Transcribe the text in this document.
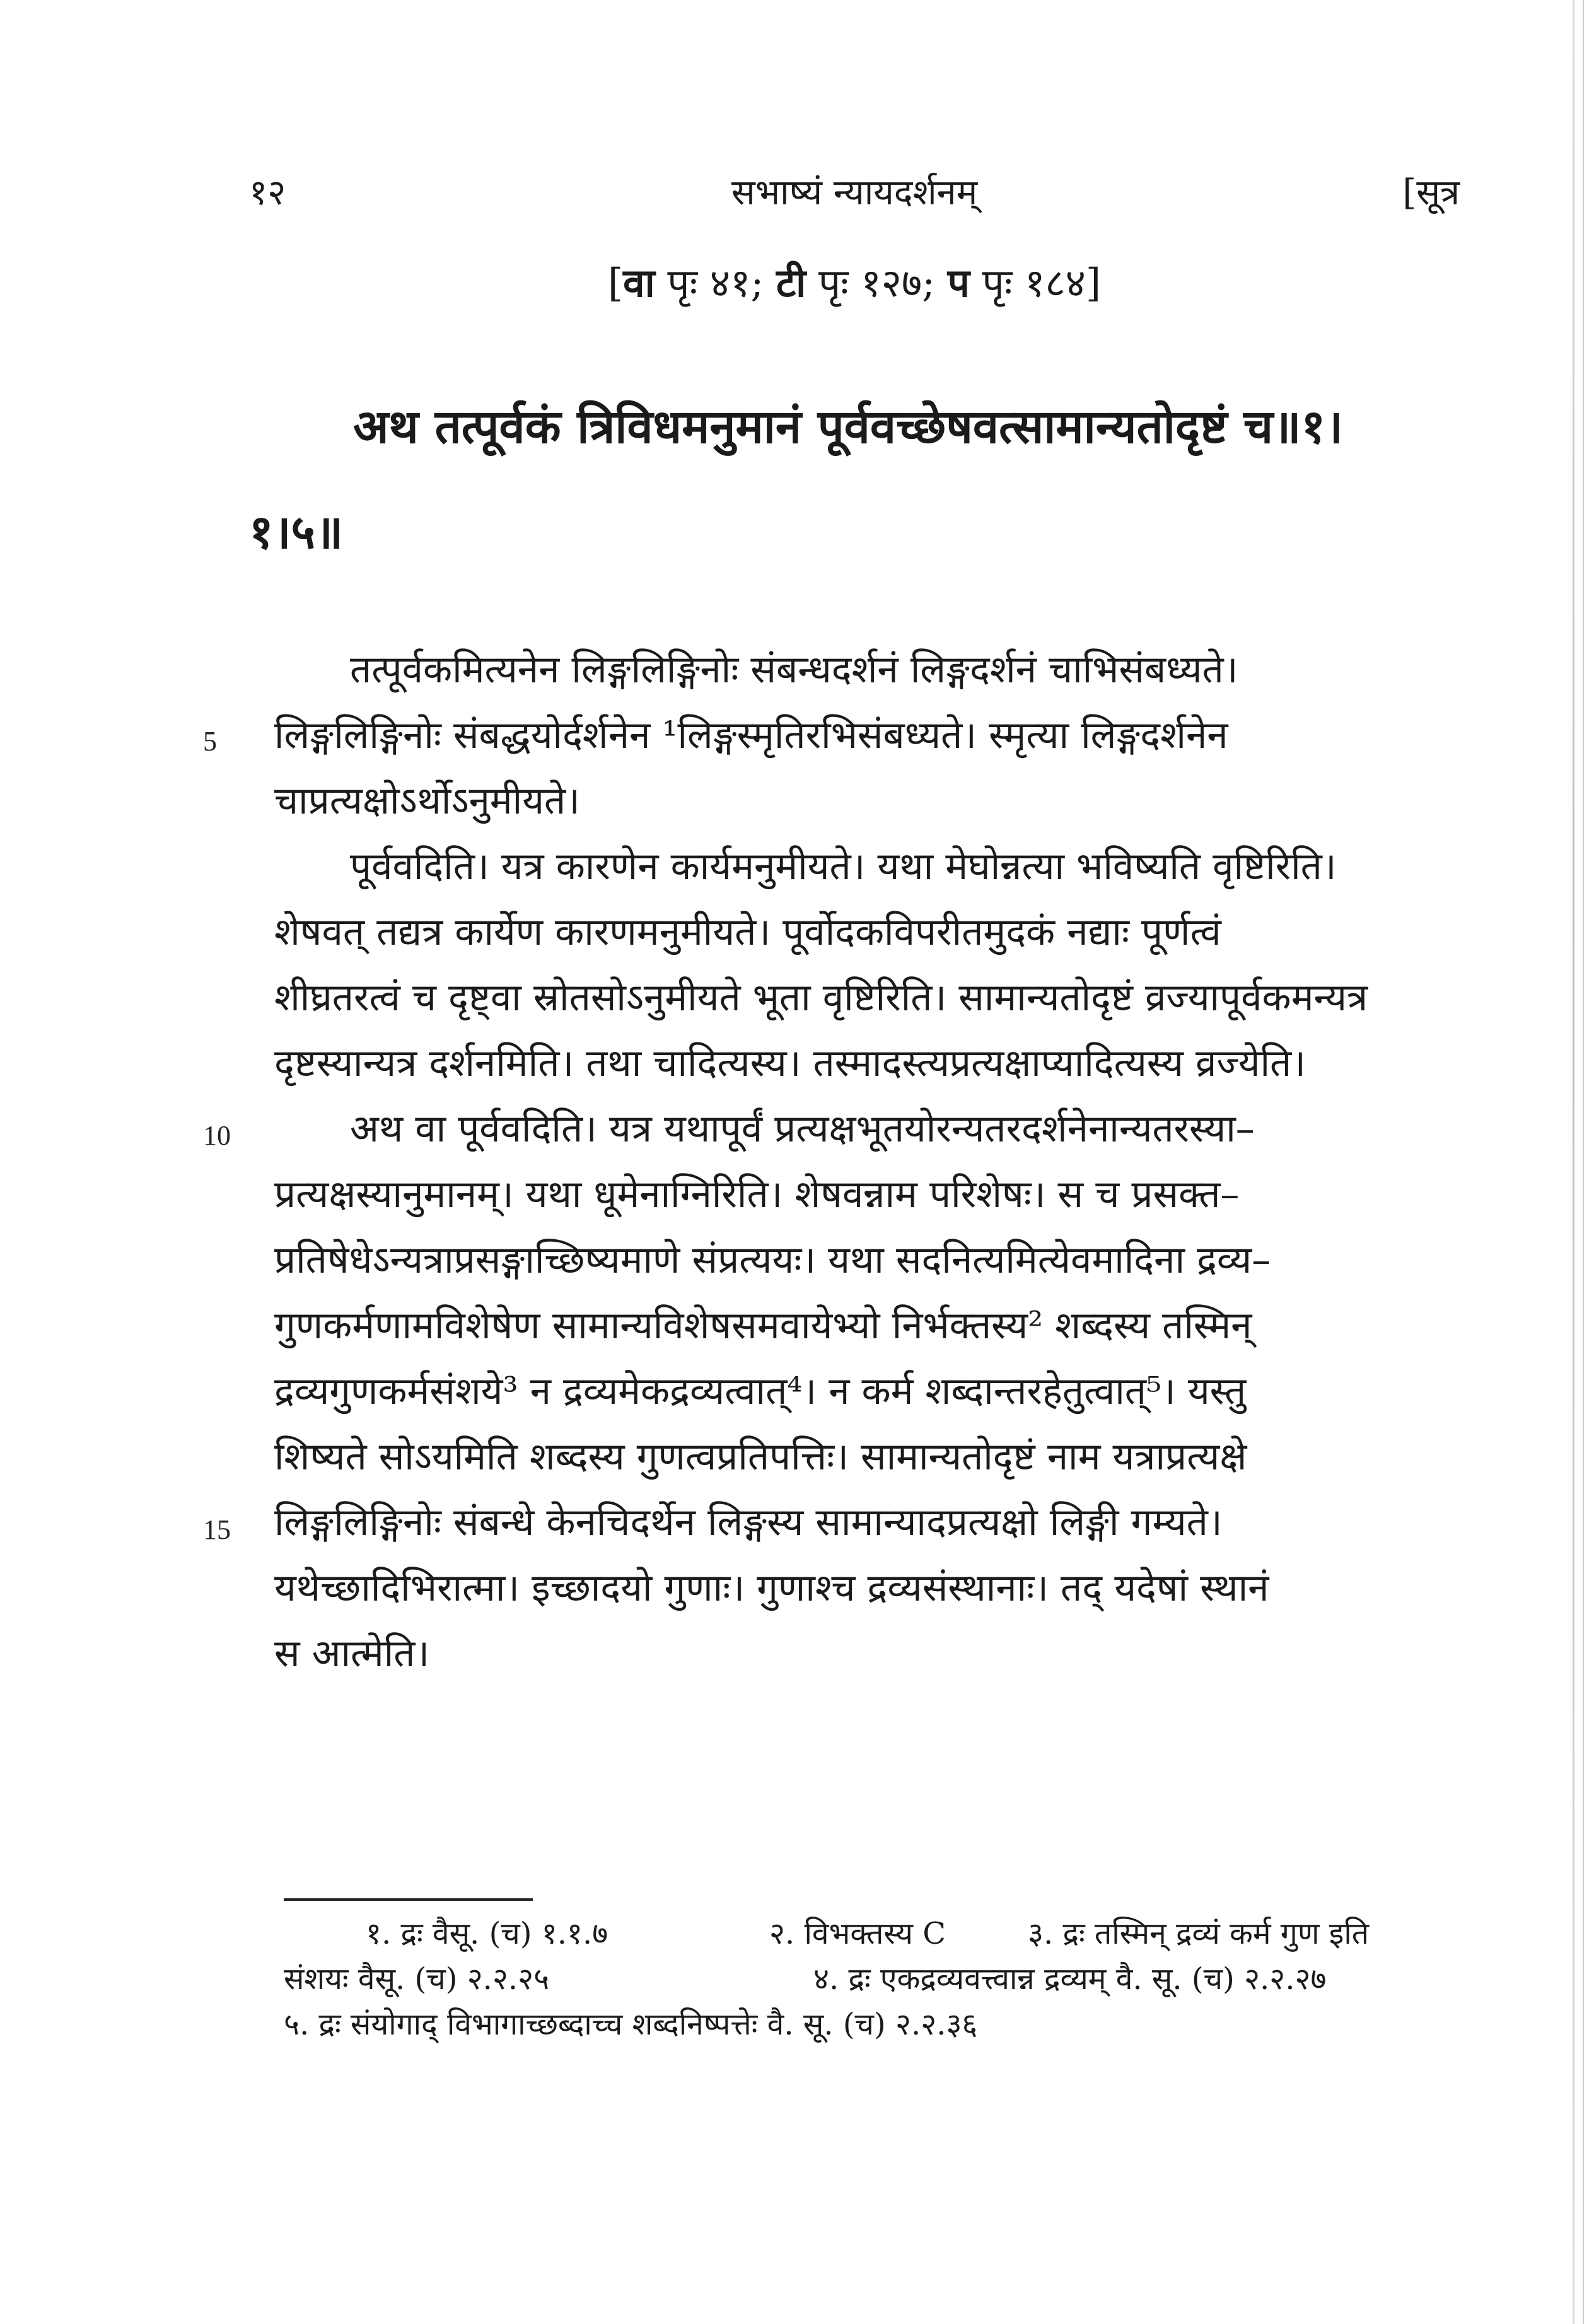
१२	सभाष्यं न्यायदर्शनम्	[सूत्र
[वा पृः ४१; टी पृः १२७; प पृः १८४]
अथ तत्पूर्वकं त्रिविधमनुमानं पूर्ववच्छेषवत्सामान्यतोदृष्टं च॥१।
१।५॥
5
10
15
तत्पूर्वकमित्यनेन लिङ्गलिङ्गिनोः संबन्धदर्शनं लिङ्गदर्शनं चाभिसंबध्यते।
लिङ्गलिङ्गिनोः संबद्धयोर्दर्शनेन ¹लिङ्गस्मृतिरभिसंबध्यते। स्मृत्या लिङ्गदर्शनेन
चाप्रत्यक्षोऽर्थोऽनुमीयते।
पूर्ववदिति। यत्र कारणेन कार्यमनुमीयते। यथा मेघोन्नत्या भविष्यति वृष्टिरिति।
शेषवत् तद्यत्र कार्येण कारणमनुमीयते। पूर्वोदकविपरीतमुदकं नद्याः पूर्णत्वं
शीघ्रतरत्वं च दृष्ट्वा स्रोतसोऽनुमीयते भूता वृष्टिरिति। सामान्यतोदृष्टं व्रज्यापूर्वकमन्यत्र
दृष्टस्यान्यत्र दर्शनमिति। तथा चादित्यस्य। तस्मादस्त्यप्रत्यक्षाप्यादित्यस्य व्रज्येति।
अथ वा पूर्ववदिति। यत्र यथापूर्वं प्रत्यक्षभूतयोरन्यतरदर्शनेनान्यतरस्या–
प्रत्यक्षस्यानुमानम्। यथा धूमेनाग्निरिति। शेषवन्नाम परिशेषः। स च प्रसक्त–
प्रतिषेधेऽन्यत्राप्रसङ्गाच्छिष्यमाणे संप्रत्ययः। यथा सदनित्यमित्येवमादिना द्रव्य–
गुणकर्मणामविशेषेण सामान्यविशेषसमवायेभ्यो निर्भक्तस्य² शब्दस्य तस्मिन्
द्रव्यगुणकर्मसंशये³ न द्रव्यमेकद्रव्यत्वात्⁴। न कर्म शब्दान्तरहेतुत्वात्⁵। यस्तु
शिष्यते सोऽयमिति शब्दस्य गुणत्वप्रतिपत्तिः। सामान्यतोदृष्टं नाम यत्राप्रत्यक्षे
लिङ्गलिङ्गिनोः संबन्धे केनचिदर्थेन लिङ्गस्य सामान्यादप्रत्यक्षो लिङ्गी गम्यते।
यथेच्छादिभिरात्मा। इच्छादयो गुणाः। गुणाश्च द्रव्यसंस्थानाः। तद् यदेषां स्थानं
स आत्मेति।
१. द्रः वैसू. (च) १.१.७	२. विभक्तस्य C	३. द्रः तस्मिन् द्रव्यं कर्म गुण इति
संशयः वैसू. (च) २.२.२५	४. द्रः एकद्रव्यवत्त्वान्न द्रव्यम् वै. सू. (च) २.२.२७
५. द्रः संयोगाद् विभागाच्छब्दाच्च शब्दनिष्पत्तेः वै. सू. (च) २.२.३६
